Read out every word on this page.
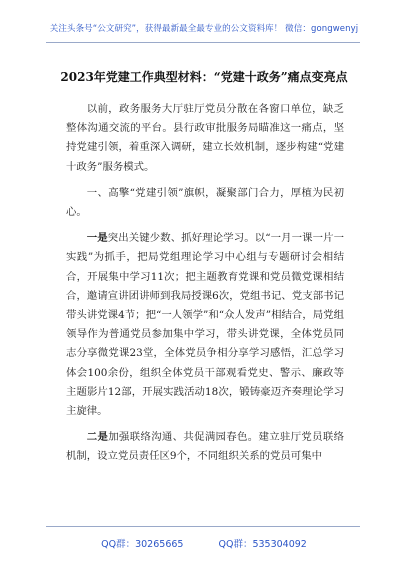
关注头条号“公文研究”，获得最新最全最专业的公文资料库！ 微信：gongwenyj
2023年党建工作典型材料：“党建十政务”痛点变亮点

以前，政务服务大厅驻厅党员分散在各窗口单位，缺乏整体沟通交流的平台。县行政审批服务局瞄准这一痛点，坚持党建引领，着重深入调研，建立长效机制，逐步构建“党建十政务”服务模式。

一、高擎“党建引领”旗帜，凝聚部门合力，厚植为民初心。

一是突出关键少数、抓好理论学习。以“一月一课一片一实践”为抓手，把局党组理论学习中心组与专题研讨会相结合，开展集中学习11次；把主题教育党课和党员微党课相结合，邀请宣讲团讲师到我局授课6次，党组书记、党支部书记带头讲党课4节；把“一人领学”和“众人发声”相结合，局党组领导作为普通党员参加集中学习，带头讲党课，全体党员同志分享微党课23堂，全体党员争相分享学习感悟，汇总学习体会100余份，组织全体党员干部观看党史、警示、廉政等主题影片12部，开展实践活动18次，锻铸豪迈齐奏理论学习主旋律。

二是加强联络沟通、共促满园春色。建立驻厅党员联络机制，设立党员责任区9个，不同组织关系的党员可集中

QQ群：30265665	QQ群：535304092
